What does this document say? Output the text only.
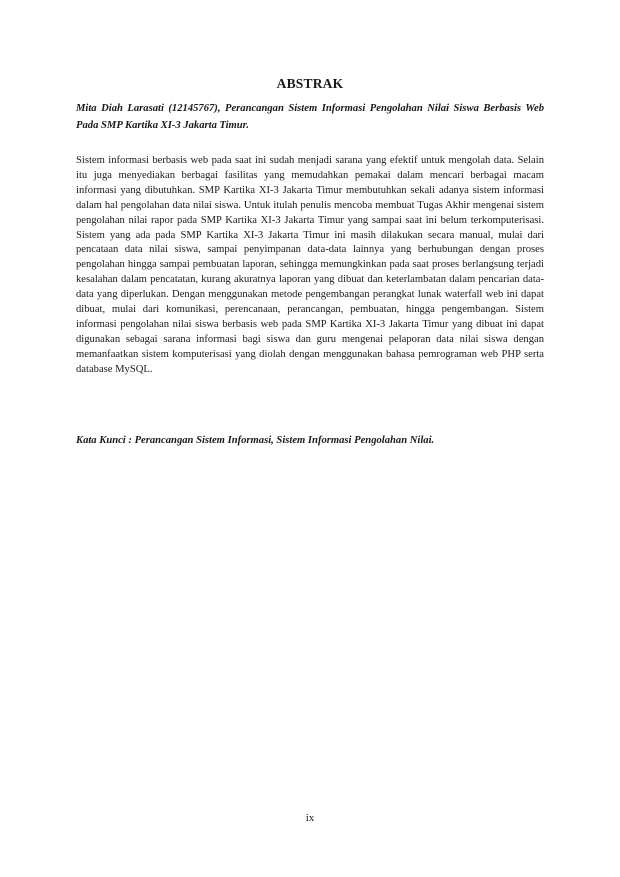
ABSTRAK
Mita Diah Larasati (12145767), Perancangan Sistem Informasi Pengolahan Nilai Siswa Berbasis Web Pada SMP Kartika XI-3 Jakarta Timur.
Sistem informasi berbasis web pada saat ini sudah menjadi sarana yang efektif untuk mengolah data. Selain itu juga menyediakan berbagai fasilitas yang memudahkan pemakai dalam mencari berbagai macam informasi yang dibutuhkan. SMP Kartika XI-3 Jakarta Timur membutuhkan sekali adanya sistem informasi dalam hal pengolahan data nilai siswa. Untuk itulah penulis mencoba membuat Tugas Akhir mengenai sistem pengolahan nilai rapor pada SMP Kartika XI-3 Jakarta Timur yang sampai saat ini belum terkomputerisasi. Sistem yang ada pada SMP Kartika XI-3 Jakarta Timur ini masih dilakukan secara manual, mulai dari pencataan data nilai siswa, sampai penyimpanan data-data lainnya yang berhubungan dengan proses pengolahan hingga sampai pembuatan laporan, sehingga memungkinkan pada saat proses berlangsung terjadi kesalahan dalam pencatatan, kurang akuratnya laporan yang dibuat dan keterlambatan dalam pencarian data-data yang diperlukan. Dengan menggunakan metode pengembangan perangkat lunak waterfall web ini dapat dibuat, mulai dari komunikasi, perencanaan, perancangan, pembuatan, hingga pengembangan. Sistem informasi pengolahan nilai siswa berbasis web pada SMP Kartika XI-3 Jakarta Timur yang dibuat ini dapat digunakan sebagai sarana informasi bagi siswa dan guru mengenai pelaporan data nilai siswa dengan memanfaatkan sistem komputerisasi yang diolah dengan menggunakan bahasa pemrograman web PHP serta database MySQL.
Kata Kunci : Perancangan Sistem Informasi, Sistem Informasi Pengolahan Nilai.
ix
